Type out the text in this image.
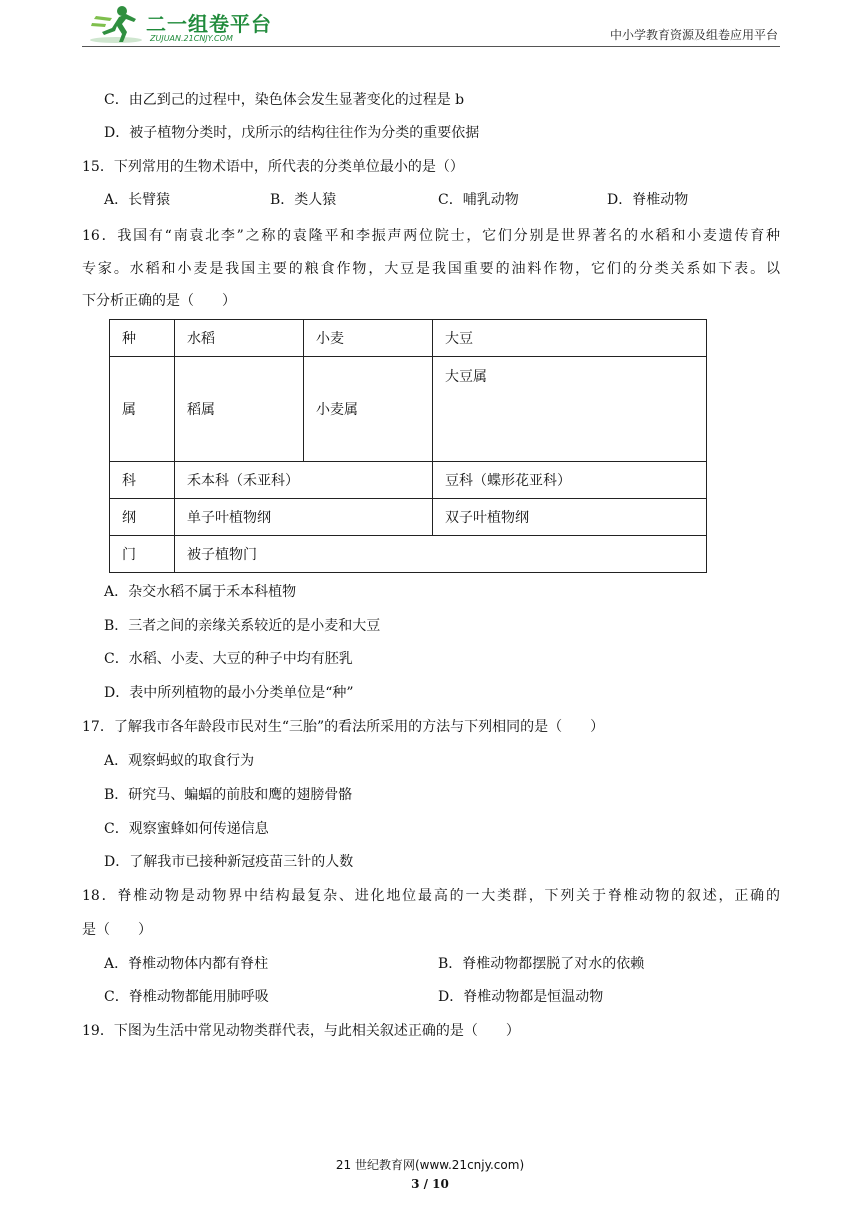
二一组卷平台
ZUJUAN.21CNJY.COM	中小学教育资源及组卷应用平台
C．由乙到己的过程中，染色体会发生显著变化的过程是 b
D．被子植物分类时，戊所示的结构往往作为分类的重要依据
15．下列常用的生物术语中，所代表的分类单位最小的是（）
A．长臂猿	B．类人猿	C．哺乳动物	D．脊椎动物
16．我国有“南袁北李”之称的袁隆平和李振声两位院士，它们分别是世界著名的水稻和小麦遗传育种
专家。水稻和小麦是我国主要的粮食作物，大豆是我国重要的油料作物，它们的分类关系如下表。以
下分析正确的是（　　）
种	水稻	小麦	大豆
属	稻属	小麦属	大豆属
科	禾本科（禾亚科）		豆科（蝶形花亚科）
纲	单子叶植物纲		双子叶植物纲
门	被子植物门		
A．杂交水稻不属于禾本科植物
B．三者之间的亲缘关系较近的是小麦和大豆
C．水稻、小麦、大豆的种子中均有胚乳
D．表中所列植物的最小分类单位是“种”
17．了解我市各年龄段市民对生“三胎”的看法所采用的方法与下列相同的是（　　）
A．观察蚂蚁的取食行为
B．研究马、蝙蝠的前肢和鹰的翅膀骨骼
C．观察蜜蜂如何传递信息
D．了解我市已接种新冠疫苗三针的人数
18．脊椎动物是动物界中结构最复杂、进化地位最高的一大类群，下列关于脊椎动物的叙述，正确的
是（　　）
A．脊椎动物体内都有脊柱	B．脊椎动物都摆脱了对水的依赖
C．脊椎动物都能用肺呼吸	D．脊椎动物都是恒温动物
19．下图为生活中常见动物类群代表，与此相关叙述正确的是（　　）
21 世纪教育网(www.21cnjy.com)
3 / 10
